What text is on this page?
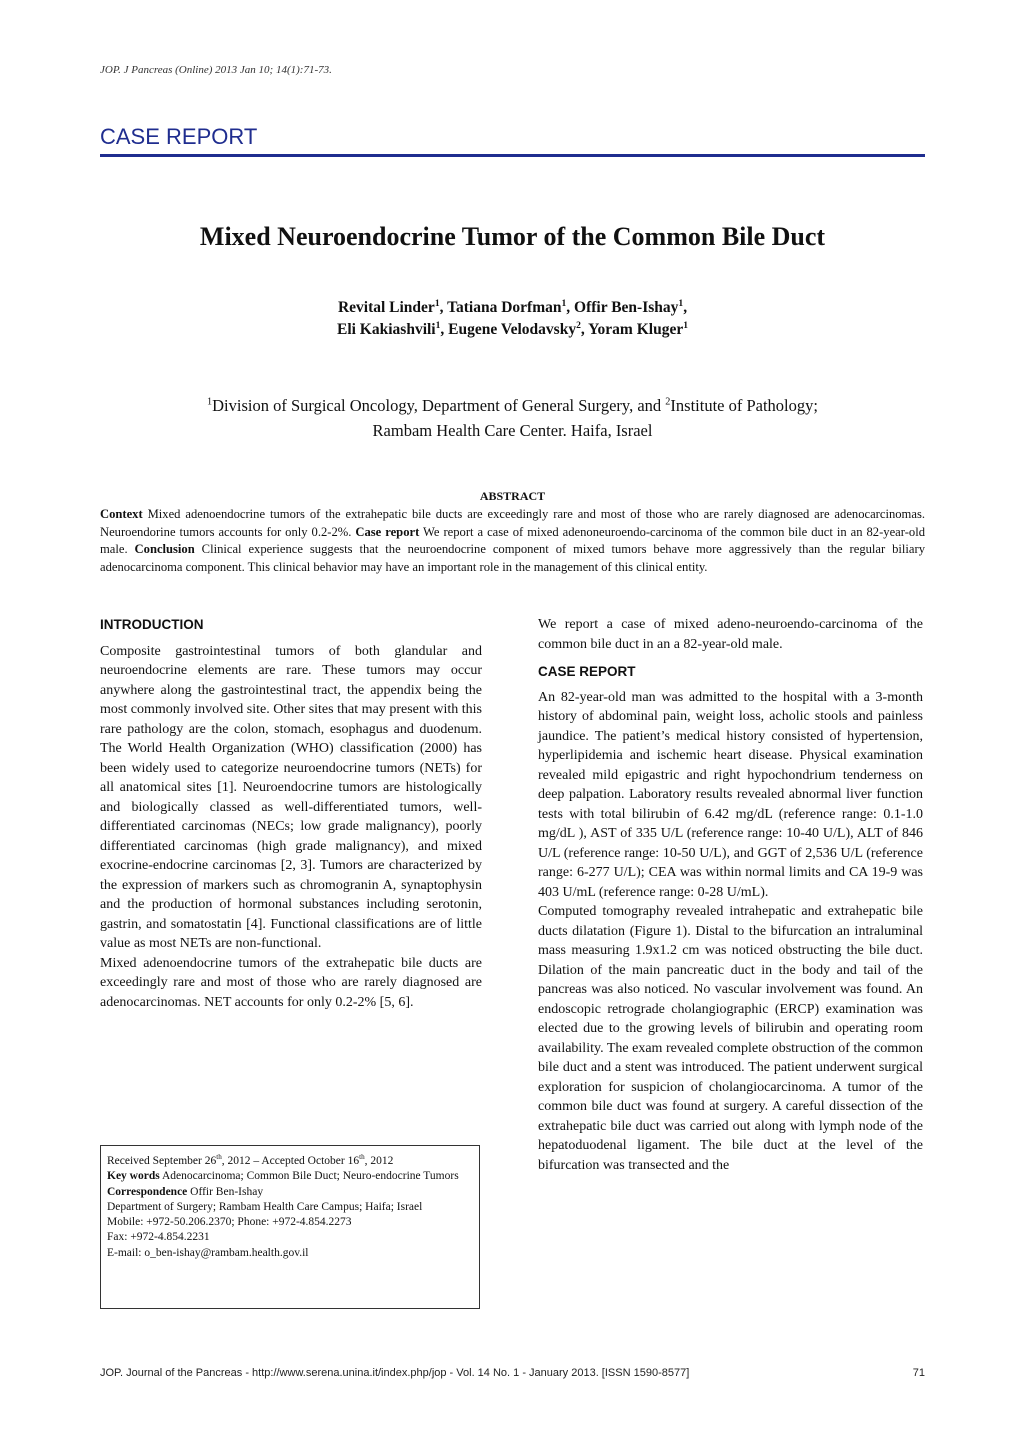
JOP. J Pancreas (Online) 2013 Jan 10; 14(1):71-73.
CASE REPORT
Mixed Neuroendocrine Tumor of the Common Bile Duct
Revital Linder$^1$, Tatiana Dorfman$^1$, Offir Ben-Ishay$^1$,
Eli Kakiashvili$^1$, Eugene Velodavsky$^2$, Yoram Kluger$^1$
$^1$Division of Surgical Oncology, Department of General Surgery, and $^2$Institute of Pathology;
Rambam Health Care Center. Haifa, Israel
ABSTRACT
Context Mixed adenoendocrine tumors of the extrahepatic bile ducts are exceedingly rare and most of those who are rarely diagnosed are adenocarcinomas. Neuroendorine tumors accounts for only 0.2-2%. Case report We report a case of mixed adenoneuroendo-carcinoma of the common bile duct in an 82-year-old male. Conclusion Clinical experience suggests that the neuroendocrine component of mixed tumors behave more aggressively than the regular biliary adenocarcinoma component. This clinical behavior may have an important role in the management of this clinical entity.
INTRODUCTION

Composite gastrointestinal tumors of both glandular and neuroendocrine elements are rare. These tumors may occur anywhere along the gastrointestinal tract, the appendix being the most commonly involved site. Other sites that may present with this rare pathology are the colon, stomach, esophagus and duodenum. The World Health Organization (WHO) classification (2000) has been widely used to categorize neuroendocrine tumors (NETs) for all anatomical sites [1]. Neuroendocrine tumors are histologically and biologically classed as well-differentiated tumors, well-differentiated carcinomas (NECs; low grade malignancy), poorly differentiated carcinomas (high grade malignancy), and mixed exocrine-endocrine carcinomas [2, 3]. Tumors are characterized by the expression of markers such as chromogranin A, synaptophysin and the production of hormonal substances including serotonin, gastrin, and somatostatin [4]. Functional classifications are of little value as most NETs are non-functional.

Mixed adenoendocrine tumors of the extrahepatic bile ducts are exceedingly rare and most of those who are rarely diagnosed are adenocarcinomas. NET accounts for only 0.2-2% [5, 6].

We report a case of mixed adeno-neuroendo-carcinoma of the common bile duct in an a 82-year-old male.

CASE REPORT

An 82-year-old man was admitted to the hospital with a 3-month history of abdominal pain, weight loss, acholic stools and painless jaundice. The patient’s medical history consisted of hypertension, hyperlipidemia and ischemic heart disease. Physical examination revealed mild epigastric and right hypochondrium tenderness on deep palpation. Laboratory results revealed abnormal liver function tests with total bilirubin of 6.42 mg/dL (reference range: 0.1-1.0 mg/dL ), AST of 335 U/L (reference range: 10-40 U/L), ALT of 846 U/L (reference range: 10-50 U/L), and GGT of 2,536 U/L (reference range: 6-277 U/L); CEA was within normal limits and CA 19-9 was 403 U/mL (reference range: 0-28 U/mL).

Computed tomography revealed intrahepatic and extrahepatic bile ducts dilatation (Figure 1). Distal to the bifurcation an intraluminal mass measuring 1.9x1.2 cm was noticed obstructing the bile duct. Dilation of the main pancreatic duct in the body and tail of the pancreas was also noticed. No vascular involvement was found. An endoscopic retrograde cholangiographic (ERCP) examination was elected due to the growing levels of bilirubin and operating room availability. The exam revealed complete obstruction of the common bile duct and a stent was introduced. The patient underwent surgical exploration for suspicion of cholangiocarcinoma. A tumor of the common bile duct was found at surgery. A careful dissection of the extrahepatic bile duct was carried out along with lymph node of the hepatoduodenal ligament. The bile duct at the level of the bifurcation was transected and the

Received September 26th, 2012 – Accepted October 16th, 2012
Key words Adenocarcinoma; Common Bile Duct; Neuro-endocrine Tumors
Correspondence Offir Ben-Ishay
Department of Surgery; Rambam Health Care Campus; Haifa; Israel
Mobile: +972-50.206.2370; Phone: +972-4.854.2273
Fax: +972-4.854.2231
E-mail: o_ben-ishay@rambam.health.gov.il
JOP. Journal of the Pancreas - http://www.serena.unina.it/index.php/jop - Vol. 14 No. 1 - January 2013. [ISSN 1590-8577]	71
